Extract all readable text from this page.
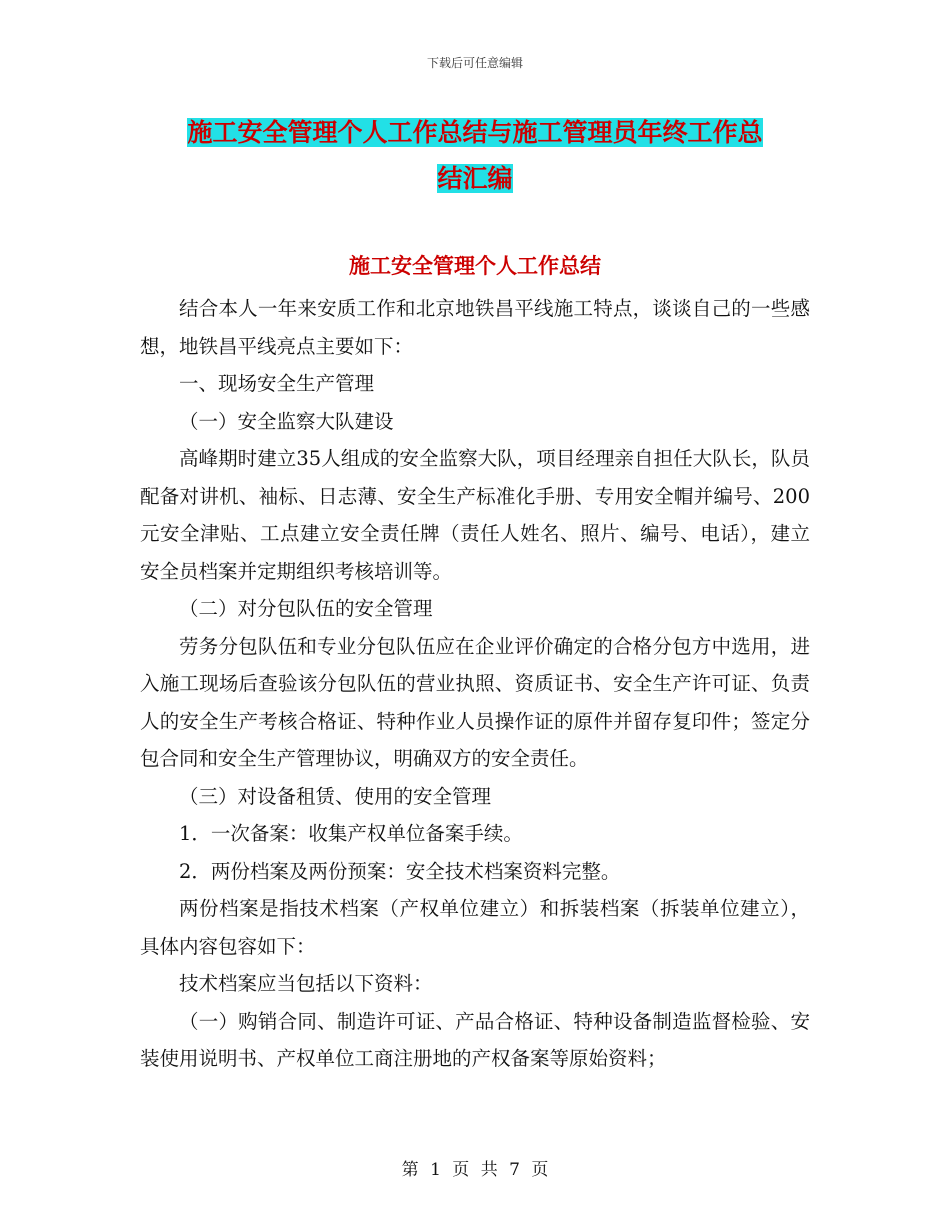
下载后可任意编辑
施工安全管理个人工作总结与施工管理员年终工作总
结汇编
施工安全管理个人工作总结

结合本人一年来安质工作和北京地铁昌平线施工特点，谈谈自己的一些感想，地铁昌平线亮点主要如下：

一、现场安全生产管理

（一）安全监察大队建设

高峰期时建立35人组成的安全监察大队，项目经理亲自担任大队长，队员配备对讲机、袖标、日志薄、安全生产标准化手册、专用安全帽并编号、200元安全津贴、工点建立安全责任牌（责任人姓名、照片、编号、电话），建立安全员档案并定期组织考核培训等。

（二）对分包队伍的安全管理

劳务分包队伍和专业分包队伍应在企业评价确定的合格分包方中选用，进入施工现场后查验该分包队伍的营业执照、资质证书、安全生产许可证、负责人的安全生产考核合格证、特种作业人员操作证的原件并留存复印件；签定分包合同和安全生产管理协议，明确双方的安全责任。

（三）对设备租赁、使用的安全管理

1．一次备案：收集产权单位备案手续。

2．两份档案及两份预案：安全技术档案资料完整。

两份档案是指技术档案（产权单位建立）和拆装档案（拆装单位建立），具体内容包容如下：

技术档案应当包括以下资料：

（一）购销合同、制造许可证、产品合格证、特种设备制造监督检验、安装使用说明书、产权单位工商注册地的产权备案等原始资料；

第 1 页 共 7 页
